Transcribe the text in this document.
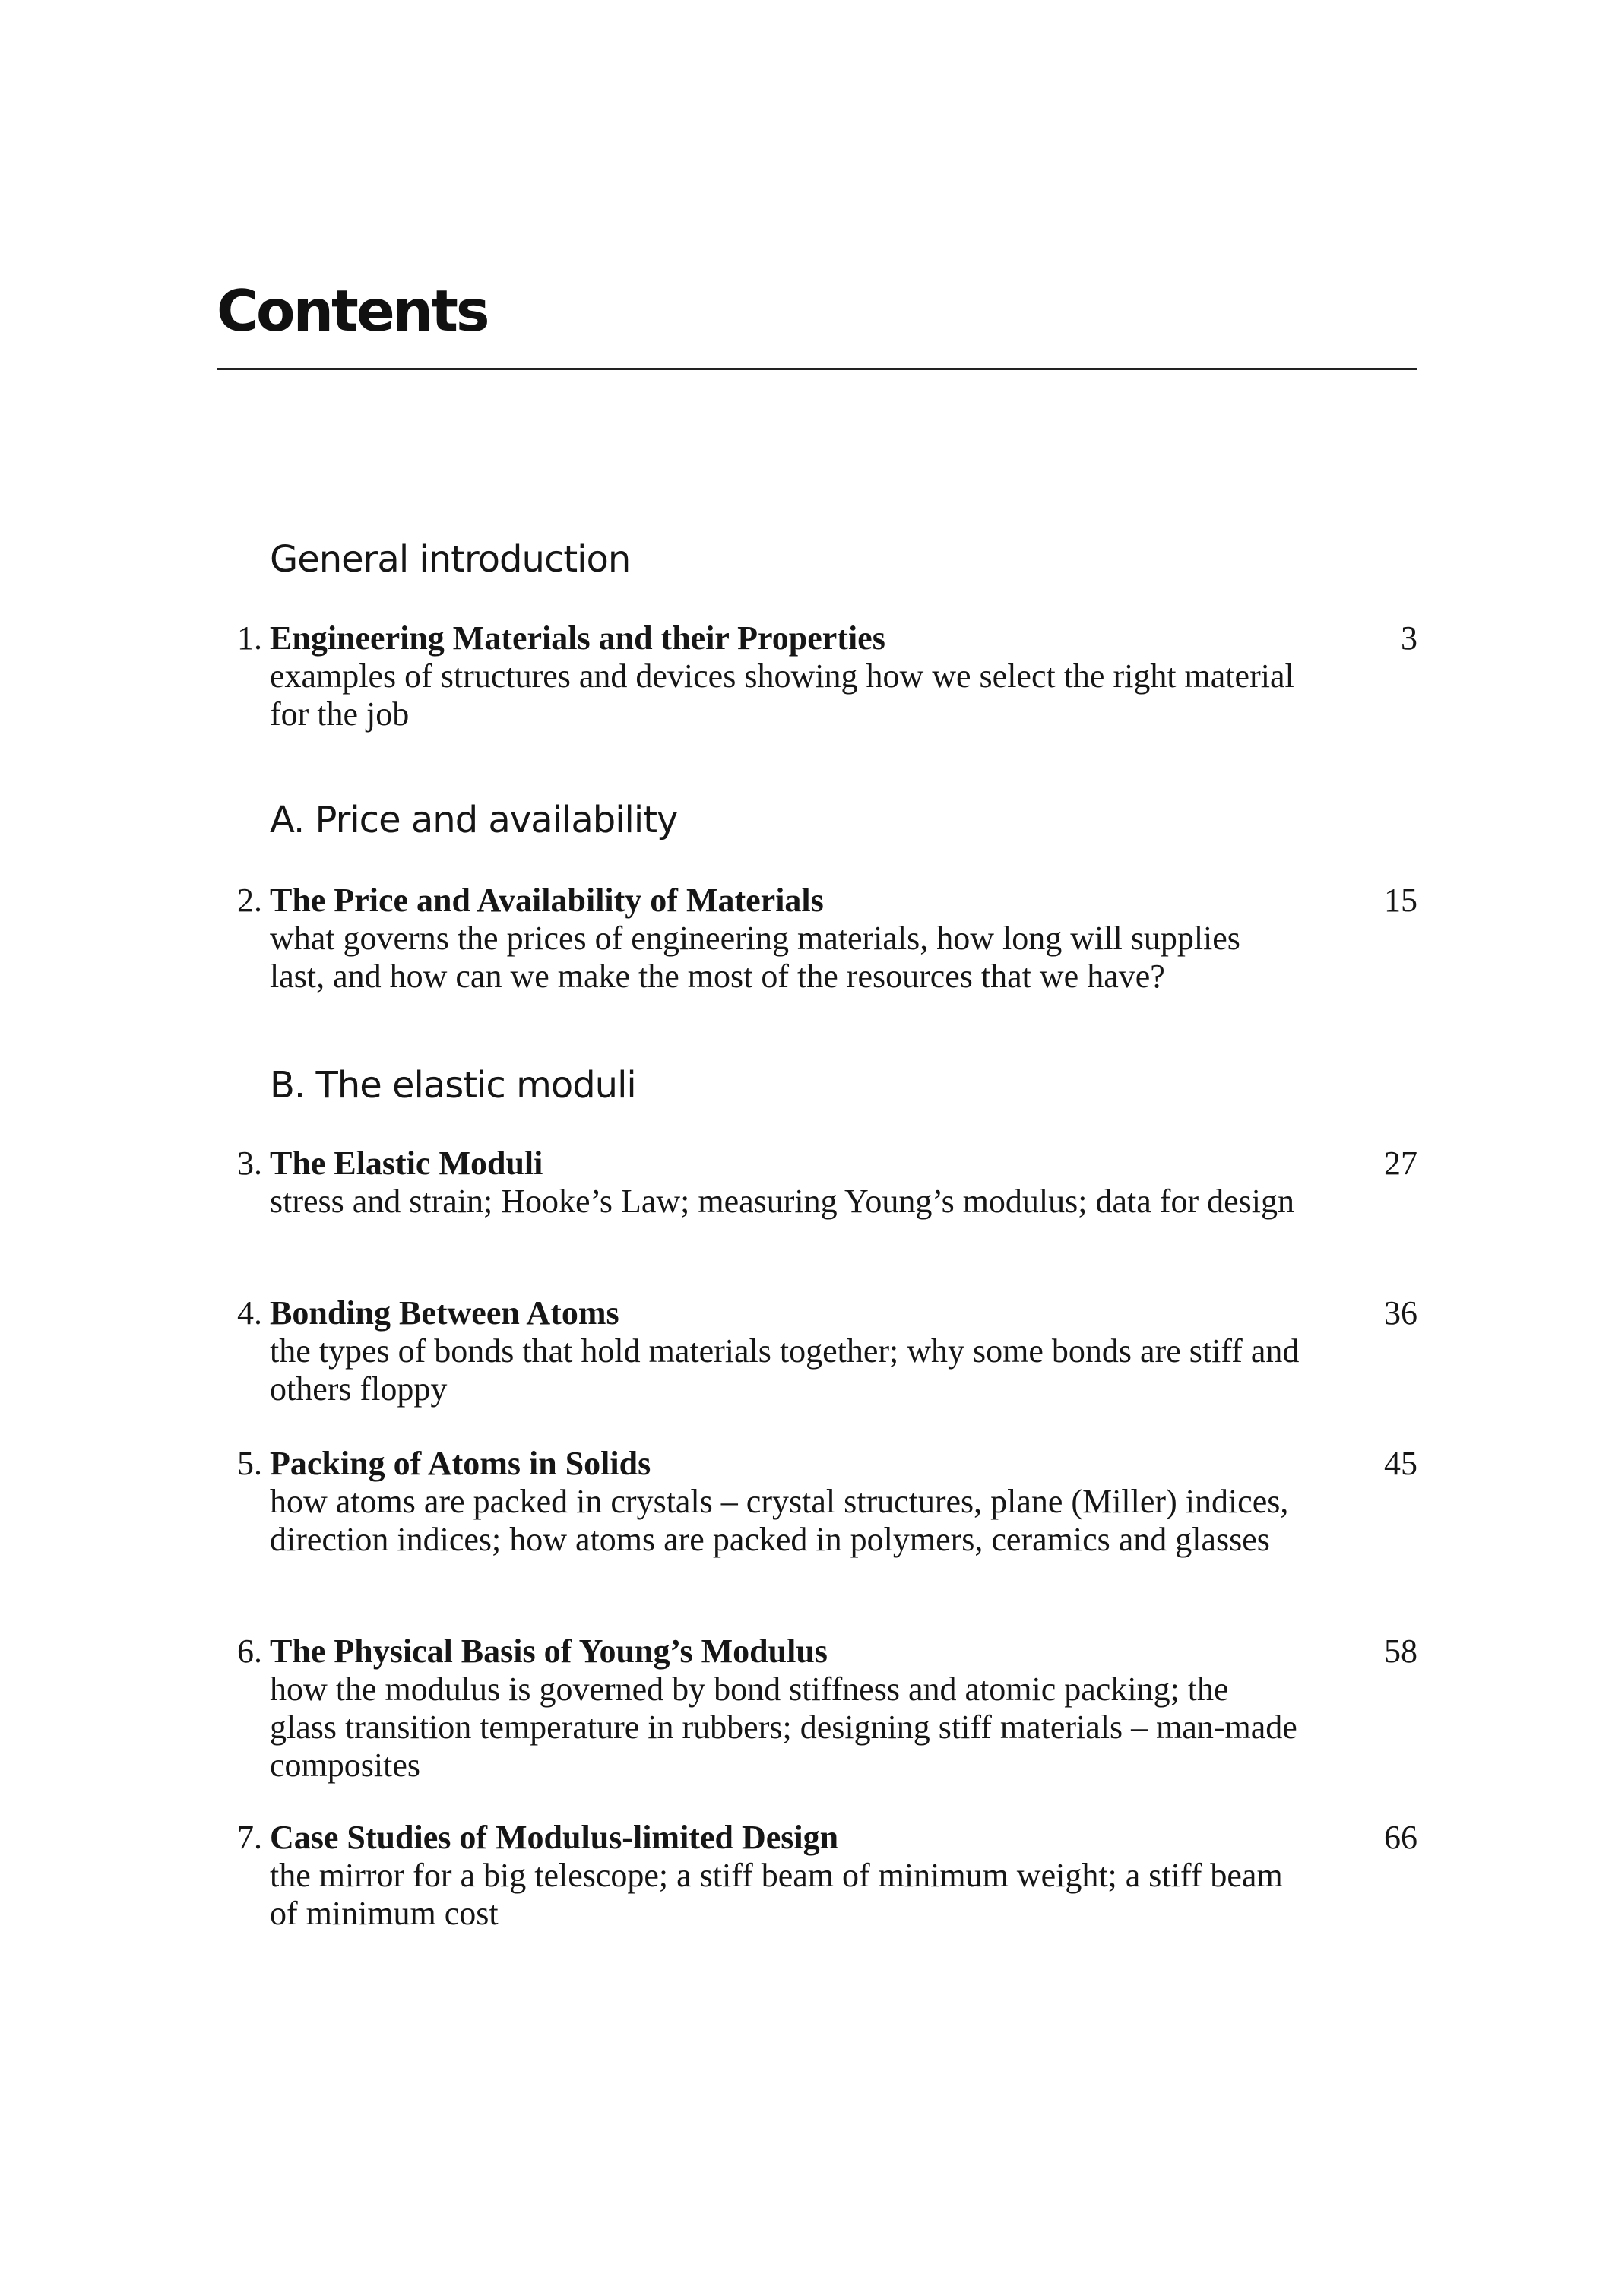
Contents
General introduction
1. Engineering Materials and their Properties	3
examples of structures and devices showing how we select the right material for the job
A. Price and availability
2. The Price and Availability of Materials	15
what governs the prices of engineering materials, how long will supplies last, and how can we make the most of the resources that we have?
B. The elastic moduli
3. The Elastic Moduli	27
stress and strain; Hooke’s Law; measuring Young’s modulus; data for design
4. Bonding Between Atoms	36
the types of bonds that hold materials together; why some bonds are stiff and others floppy
5. Packing of Atoms in Solids	45
how atoms are packed in crystals – crystal structures, plane (Miller) indices, direction indices; how atoms are packed in polymers, ceramics and glasses
6. The Physical Basis of Young’s Modulus	58
how the modulus is governed by bond stiffness and atomic packing; the glass transition temperature in rubbers; designing stiff materials – man-made composites
7. Case Studies of Modulus-limited Design	66
the mirror for a big telescope; a stiff beam of minimum weight; a stiff beam of minimum cost
